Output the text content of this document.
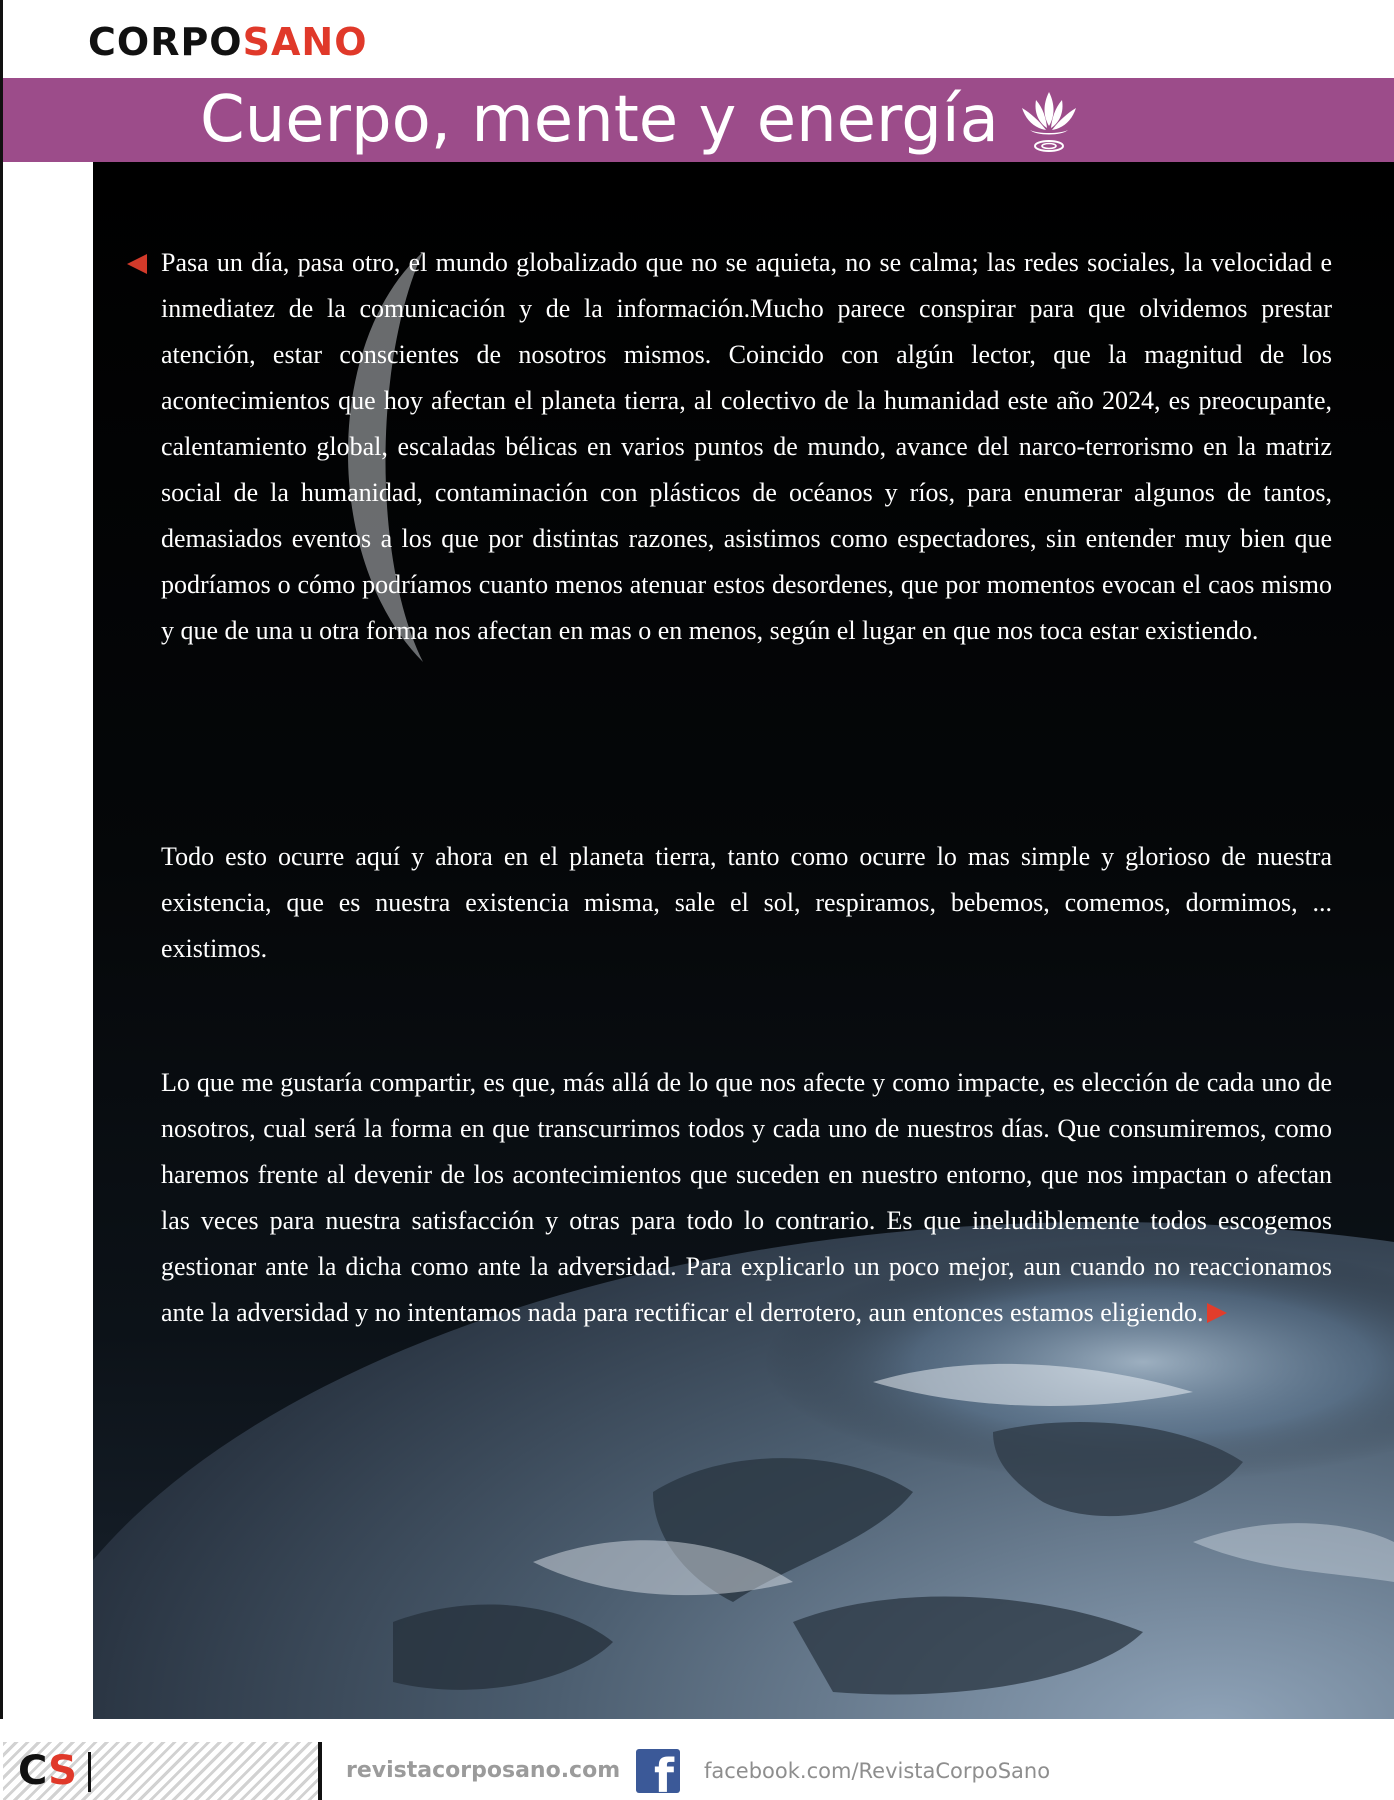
CORPOSANO
Cuerpo, mente y energía

Pasa un día, pasa otro, el mundo globalizado que no se aquieta, no se calma; las redes sociales, la velocidad e inmediatez de la comunicación y de la información.Mucho parece conspirar para que olvidemos prestar atención, estar conscientes de nosotros mismos. Coincido con algún lector, que la magnitud de los acontecimientos que hoy afectan el planeta tierra, al colectivo de la humanidad este año 2024, es preocupante, calentamiento global, escaladas bélicas en varios puntos de mundo, avance del narco-terrorismo en la matriz social de la humanidad, contaminación con plásticos de océanos y ríos, para enumerar algunos de tantos, demasiados eventos a los que por distintas razones, asistimos como espectadores, sin entender muy bien que podríamos o cómo podríamos cuanto menos atenuar estos desordenes, que por momentos evocan el caos mismo y que de una u otra forma nos afectan en mas o en menos, según el lugar en que nos toca estar existiendo.

Todo esto ocurre aquí y ahora en el planeta tierra, tanto como ocurre lo mas simple y glorioso de nuestra existencia, que es nuestra existencia misma, sale el sol, respiramos, bebemos, comemos, dormimos, ... existimos.

Lo que me gustaría compartir, es que, más allá de lo que nos afecte y como impacte, es elección de cada uno de nosotros, cual será la forma en que transcurrimos todos y cada uno de nuestros días. Que consumiremos, como haremos frente al devenir de los acontecimientos que suceden en nuestro entorno, que nos impactan o afectan las veces para nuestra satisfacción y otras para todo lo contrario. Es que ineludiblemente todos escogemos gestionar ante la dicha como ante la adversidad. Para explicarlo un poco mejor, aun cuando no reaccionamos ante la adversidad y no intentamos nada para rectificar el derrotero, aun entonces estamos eligiendo.

CS	revistacorposano.com f facebook.com/RevistaCorpoSano
